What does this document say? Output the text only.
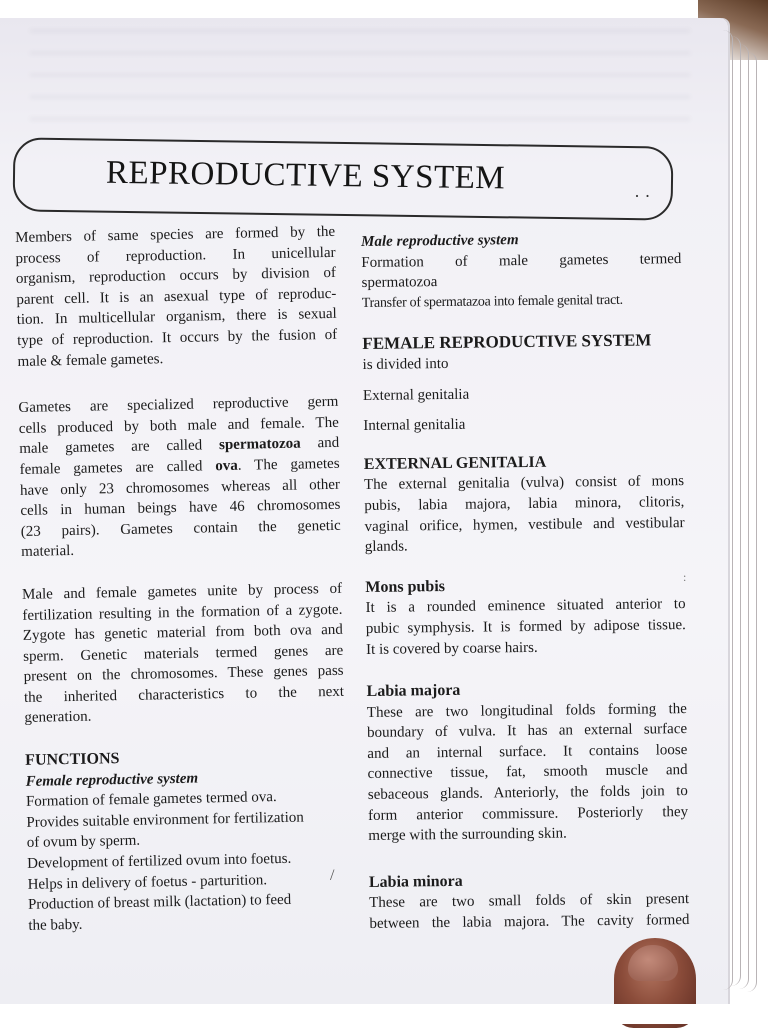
REPRODUCTIVE SYSTEM	· ·

Members of same species are formed by the

process of reproduction. In unicellular

organism, reproduction occurs by division of

parent cell. It is an asexual type of reproduc-

tion. In multicellular organism, there is sexual

type of reproduction. It occurs by the fusion of

male & female gametes.

Gametes are specialized reproductive germ

cells produced by both male and female. The

male gametes are called spermatozoa and

female gametes are called ova. The gametes

have only 23 chromosomes whereas all other

cells in human beings have 46 chromosomes

(23 pairs). Gametes contain the genetic

material.

Male and female gametes unite by process of

fertilization resulting in the formation of a zygote.

Zygote has genetic material from both ova and

sperm. Genetic materials termed genes are

present on the chromosomes. These genes pass

the inherited characteristics to the next

generation.

FUNCTIONS

Female reproductive system

Formation of female gametes termed ova.

Provides suitable environment for fertilization

of ovum by sperm.

Development of fertilized ovum into foetus.

Helps in delivery of foetus - parturition.

Production of breast milk (lactation) to feed

the baby.

Male reproductive system

Formation of male gametes termed

spermatozoa

Transfer of spermatazoa into female genital tract.

FEMALE REPRODUCTIVE SYSTEM

is divided into

External genitalia

Internal genitalia

EXTERNAL GENITALIA

The external genitalia (vulva) consist of mons

pubis, labia majora, labia minora, clitoris,

vaginal orifice, hymen, vestibule and vestibular

glands.

Mons pubis

It is a rounded eminence situated anterior to

pubic symphysis. It is formed by adipose tissue.

It is covered by coarse hairs.

Labia majora

These are two longitudinal folds forming the

boundary of vulva. It has an external surface

and an internal surface. It contains loose

connective tissue, fat, smooth muscle and

sebaceous glands. Anteriorly, the folds join to

form anterior commissure. Posteriorly they

merge with the surrounding skin.

Labia minora

These are two small folds of skin present

between the labia majora. The cavity formed

:
/
